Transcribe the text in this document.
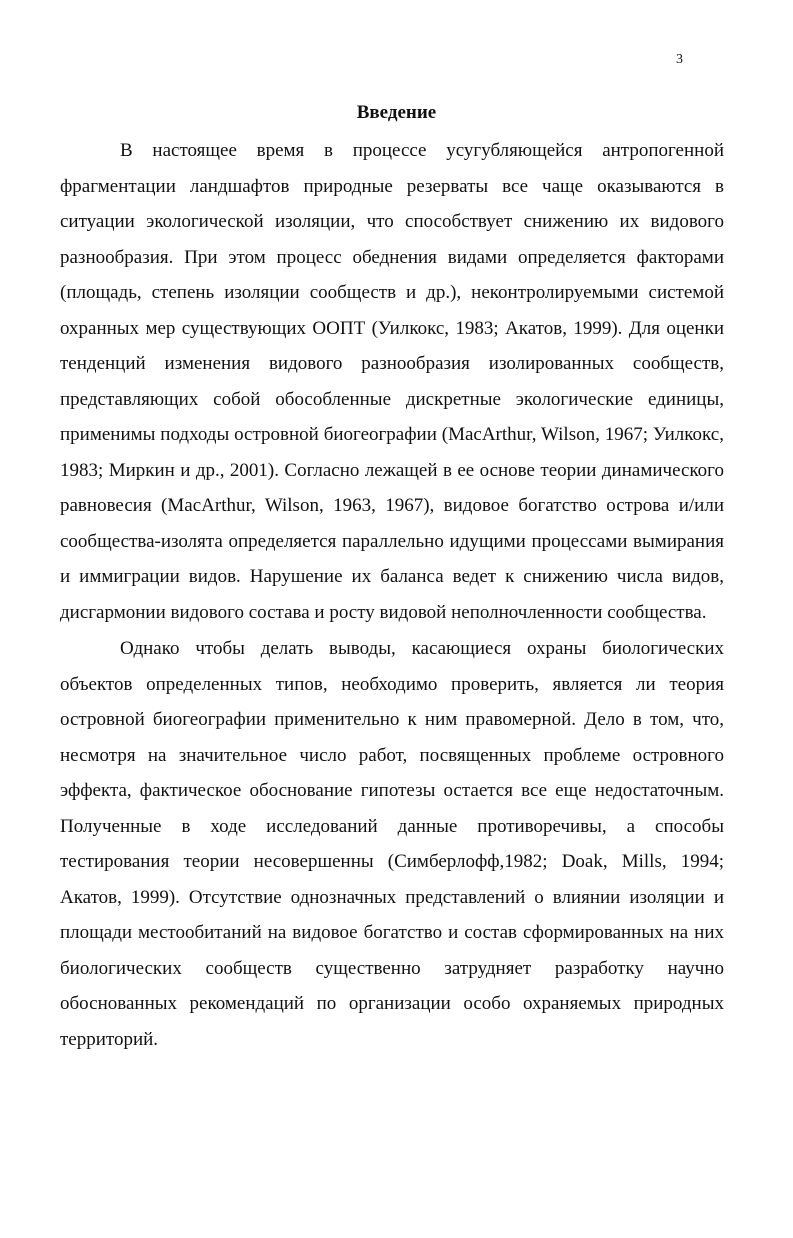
3

Введение

В настоящее время в процессе усугубляющейся антропогенной фрагментации ландшафтов природные резерваты все чаще оказываются в ситуации экологической изоляции, что способствует снижению их видового разнообразия. При этом процесс обеднения видами определяется факторами (площадь, степень изоляции сообществ и др.), неконтролируемыми системой охранных мер существующих ООПТ (Уилкокс, 1983; Акатов, 1999). Для оценки тенденций изменения видового разнообразия изолированных сообществ, представляющих собой обособленные дискретные экологические единицы, применимы подходы островной биогеографии (MacArthur, Wilson, 1967; Уилкокс, 1983; Миркин и др., 2001). Согласно лежащей в ее основе теории динамического равновесия (MacArthur, Wilson, 1963, 1967), видовое богатство острова и/или сообщества-изолята определяется параллельно идущими процессами вымирания и иммиграции видов. Нарушение их баланса ведет к снижению числа видов, дисгармонии видового состава и росту видовой неполночленности сообщества.

Однако чтобы делать выводы, касающиеся охраны биологических объектов определенных типов, необходимо проверить, является ли теория островной биогеографии применительно к ним правомерной. Дело в том, что, несмотря на значительное число работ, посвященных проблеме островного эффекта, фактическое обоснование гипотезы остается все еще недостаточным. Полученные в ходе исследований данные противоречивы, а способы тестирования теории несовершенны (Симберлофф,1982; Doak, Mills, 1994; Акатов, 1999). Отсутствие однозначных представлений о влиянии изоляции и площади местообитаний на видовое богатство и состав сформированных на них биологических сообществ существенно затрудняет разработку научно обоснованных рекомендаций по организации особо охраняемых природных территорий.
